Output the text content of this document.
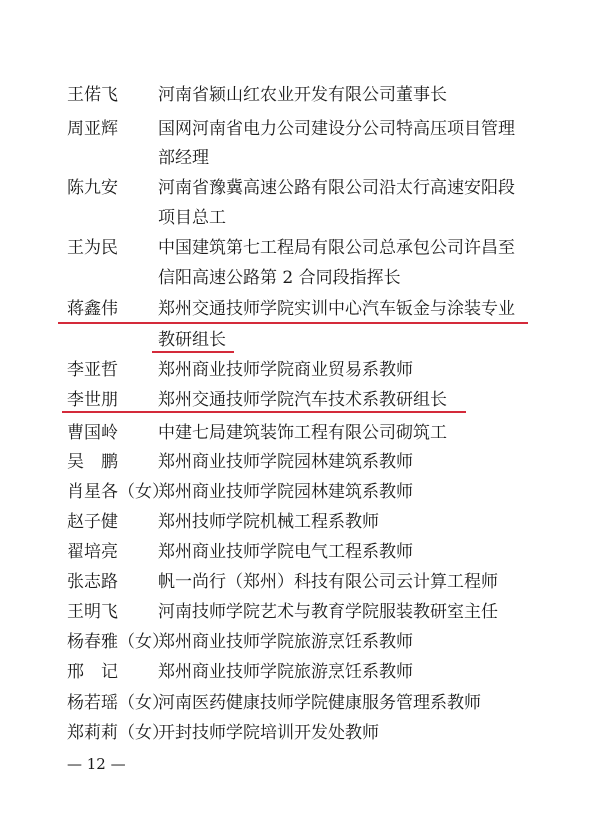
王偌飞 河南省颍山红农业开发有限公司董事长
周亚辉 国网河南省电力公司建设分公司特高压项目管理
部经理
陈九安 河南省豫冀高速公路有限公司沿太行高速安阳段
项目总工
王为民 中国建筑第七工程局有限公司总承包公司许昌至
信阳高速公路第 2 合同段指挥长
蒋鑫伟 郑州交通技师学院实训中心汽车钣金与涂装专业
教研组长
李亚哲 郑州商业技师学院商业贸易系教师
李世朋 郑州交通技师学院汽车技术系教研组长
曹国岭 中建七局建筑装饰工程有限公司砌筑工
吴　鹏 郑州商业技师学院园林建筑系教师
肖星各（女）
郑州商业技师学院园林建筑系教师
赵子健 郑州技师学院机械工程系教师
翟培亮 郑州商业技师学院电气工程系教师
张志路 帆一尚行（郑州）科技有限公司云计算工程师
王明飞 河南技师学院艺术与教育学院服装教研室主任
杨春雅（女）
郑州商业技师学院旅游烹饪系教师
邢　记 郑州商业技师学院旅游烹饪系教师
杨若瑶（女）
河南医药健康技师学院健康服务管理系教师
郑莉莉（女）
开封技师学院培训开发处教师
— 12 —
